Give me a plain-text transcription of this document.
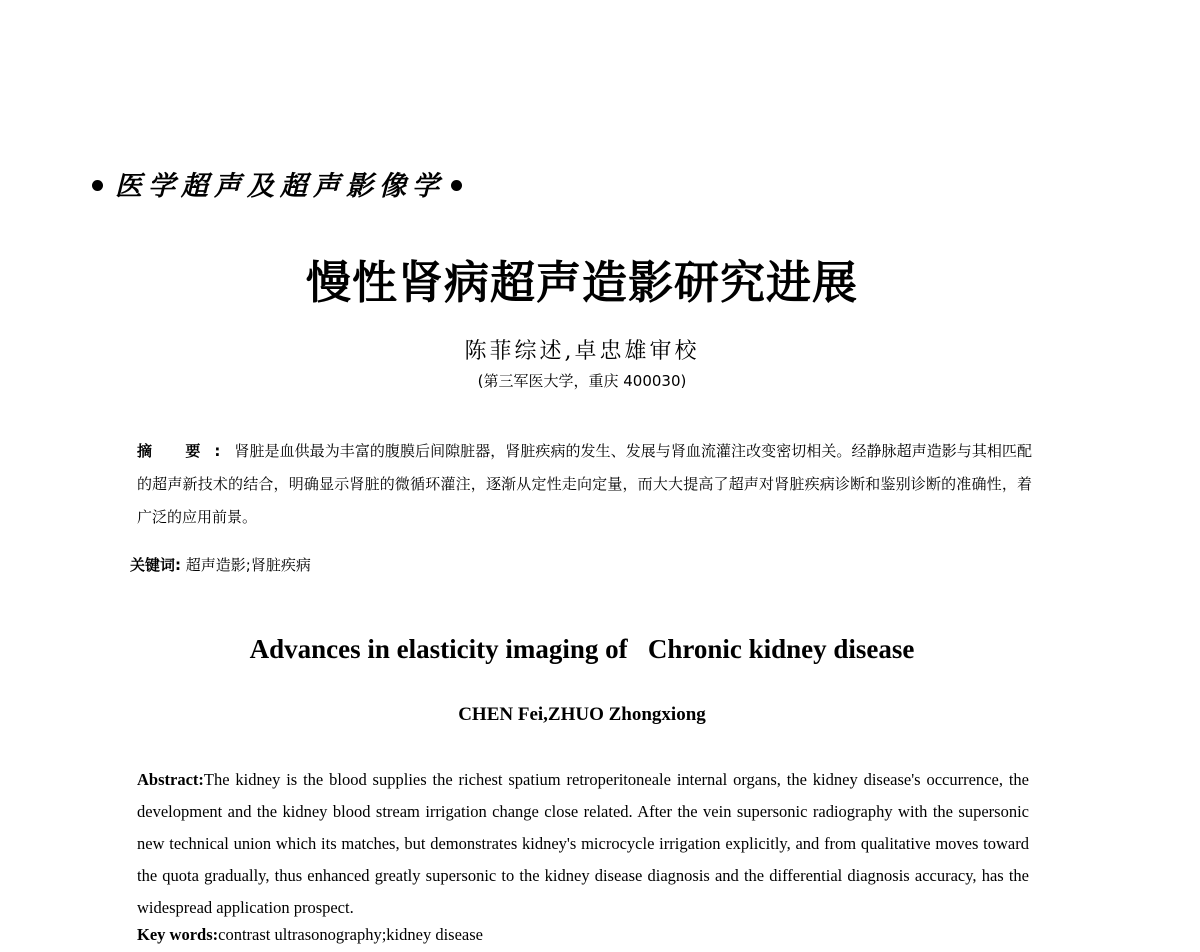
医学超声及超声影像学
慢性肾病超声造影研究进展
陈菲综述,卓忠雄审校
(第三军医大学，重庆 400030)
摘 要:肾脏是血供最为丰富的腹膜后间隙脏器，肾脏疾病的发生、发展与肾血流灌注改变密切相关。经静脉超声造影与其相匹配的超声新技术的结合，明确显示肾脏的微循环灌注，逐渐从定性走向定量，而大大提高了超声对肾脏疾病诊断和鉴别诊断的准确性，着广泛的应用前景。
关键词: 超声造影;肾脏疾病
Advances in elasticity imaging of   Chronic kidney disease
CHEN Fei,ZHUO Zhongxiong
Abstract:The kidney is the blood supplies the richest spatium retroperitoneale internal organs, the kidney disease's occurrence, the development and the kidney blood stream irrigation change close related. After the vein supersonic radiography with the supersonic new technical union which its matches, but demonstrates kidney's microcycle irrigation explicitly, and from qualitative moves toward the quota gradually, thus enhanced greatly supersonic to the kidney disease diagnosis and the differential diagnosis accuracy, has the widespread application prospect.
Key words:contrast ultrasonography;kidney disease
